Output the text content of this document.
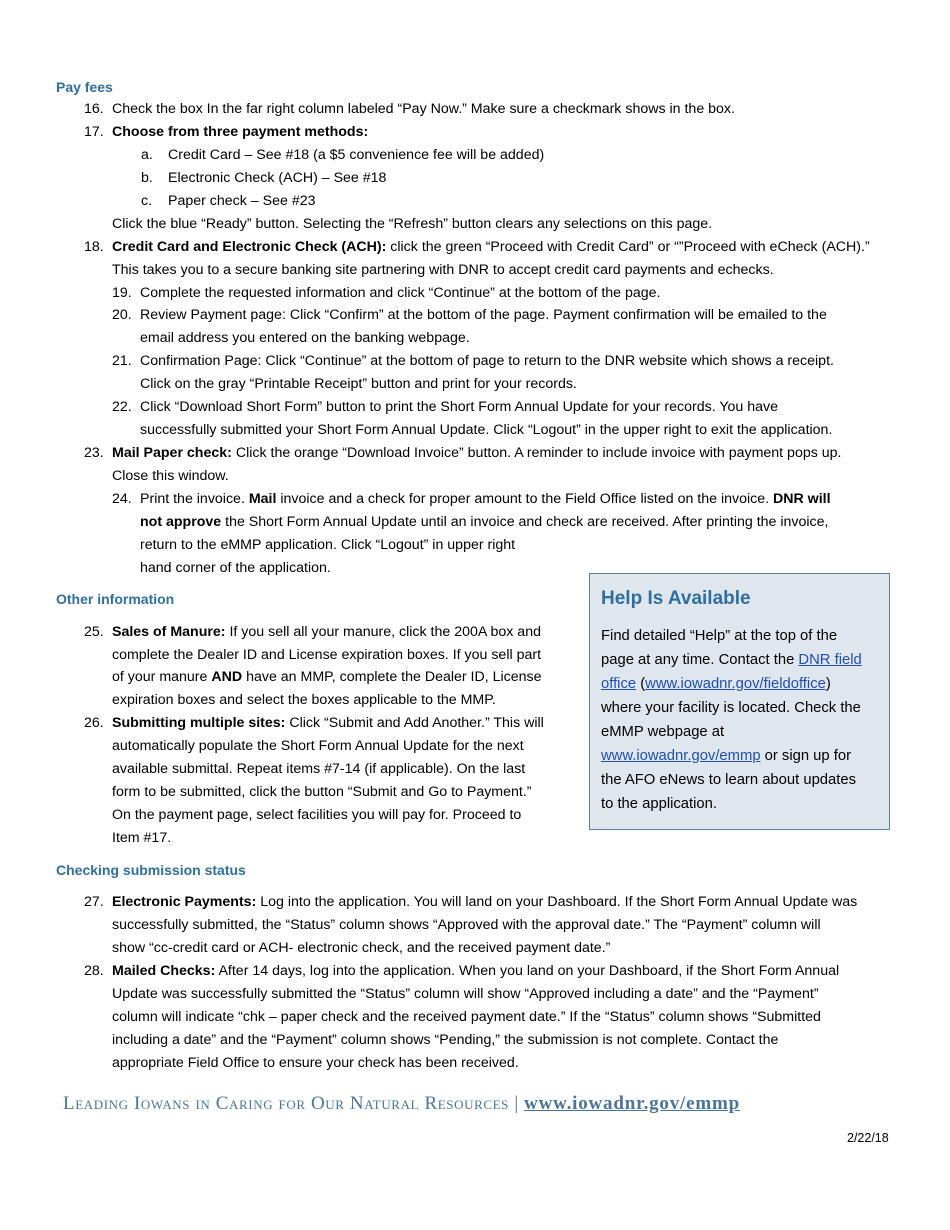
Pay fees
16. Check the box In the far right column labeled “Pay Now.” Make sure a checkmark shows in the box.
17. Choose from three payment methods:
a. Credit Card – See #18 (a $5 convenience fee will be added)
b. Electronic Check (ACH) – See #18
c. Paper check – See #23
Click the blue “Ready” button. Selecting the “Refresh” button clears any selections on this page.
18. Credit Card and Electronic Check (ACH): click the green “Proceed with Credit Card” or “”Proceed with eCheck (ACH).”
This takes you to a secure banking site partnering with DNR to accept credit card payments and echecks.
19. Complete the requested information and click “Continue” at the bottom of the page.
20. Review Payment page: Click “Confirm” at the bottom of the page. Payment confirmation will be emailed to the
email address you entered on the banking webpage.
21. Confirmation Page: Click “Continue” at the bottom of page to return to the DNR website which shows a receipt.
Click on the gray “Printable Receipt” button and print for your records.
22. Click “Download Short Form” button to print the Short Form Annual Update for your records. You have
successfully submitted your Short Form Annual Update. Click “Logout” in the upper right to exit the application.
23. Mail Paper check: Click the orange “Download Invoice” button. A reminder to include invoice with payment pops up.
Close this window.
24. Print the invoice. Mail invoice and a check for proper amount to the Field Office listed on the invoice. DNR will
not approve the Short Form Annual Update until an invoice and check are received. After printing the invoice,
return to the eMMP application. Click “Logout” in upper right
hand corner of the application.
Other information
25. Sales of Manure: If you sell all your manure, click the 200A box and
complete the Dealer ID and License expiration boxes. If you sell part
of your manure AND have an MMP, complete the Dealer ID, License
expiration boxes and select the boxes applicable to the MMP.
26. Submitting multiple sites: Click “Submit and Add Another.” This will
automatically populate the Short Form Annual Update for the next
available submittal. Repeat items #7-14 (if applicable). On the last
form to be submitted, click the button “Submit and Go to Payment.”
On the payment page, select facilities you will pay for. Proceed to
Item #17.
Help Is Available
Find detailed “Help” at the top of the
page at any time. Contact the DNR field
office (www.iowadnr.gov/fieldoffice)
where your facility is located. Check the
eMMP webpage at
www.iowadnr.gov/emmp or sign up for
the AFO eNews to learn about updates
to the application.
Checking submission status
27. Electronic Payments: Log into the application. You will land on your Dashboard. If the Short Form Annual Update was
successfully submitted, the “Status” column shows “Approved with the approval date.” The “Payment” column will
show “cc-credit card or ACH- electronic check, and the received payment date.”
28. Mailed Checks: After 14 days, log into the application. When you land on your Dashboard, if the Short Form Annual
Update was successfully submitted the “Status” column will show “Approved including a date” and the “Payment”
column will indicate “chk – paper check and the received payment date.” If the “Status” column shows “Submitted
including a date” and the “Payment” column shows “Pending,” the submission is not complete. Contact the
appropriate Field Office to ensure your check has been received.
Leading Iowans in Caring for Our Natural Resources | www.iowadnr.gov/emmp
2/22/18
